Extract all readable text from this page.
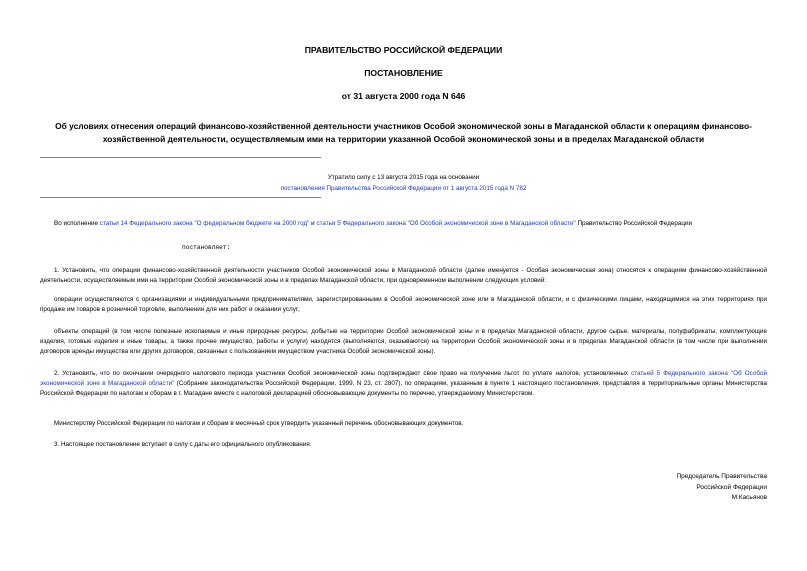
ПРАВИТЕЛЬСТВО РОССИЙСКОЙ ФЕДЕРАЦИИ
ПОСТАНОВЛЕНИЕ
от 31 августа 2000 года N 646
Об условиях отнесения операций финансово-хозяйственной деятельности участников Особой экономической зоны в Магаданской области к операциям финансово-хозяйственной деятельности, осуществляемым ими на территории указанной Особой экономической зоны и в пределах Магаданской области
Утратило силу с 13 августа 2015 года на основании
постановления Правительства Российской Федерации от 1 августа 2015 года N 782
Во исполнение статьи 14 Федерального закона "О федеральном бюджете на 2000 год" и статьи 5 Федерального закона "Об Особой экономической зоне в Магаданской области" Правительство Российской Федерации
постановляет:
1. Установить, что операции финансово-хозяйственной деятельности участников Особой экономической зоны в Магаданской области (далее именуется - Особая экономическая зона) относятся к операциям финансово-хозяйственной деятельности, осуществляемым ими на территории Особой экономической зоны и в пределах Магаданской области, при одновременном выполнении следующих условий:
операции осуществляются с организациями и индивидуальными предпринимателями, зарегистрированными в Особой экономической зоне или в Магаданской области, и с физическими лицами, находящимися на этих территориях при продаже им товаров в розничной торговле, выполнении для них работ и оказании услуг;
объекты операций (в том числе полезные ископаемые и иные природные ресурсы, добытые на территории Особой экономической зоны и в пределах Магаданской области, другое сырье, материалы, полуфабрикаты, комплектующие изделия, готовые изделия и иные товары, а также прочее имущество, работы и услуги) находятся (выполняются, оказываются) на территории Особой экономической зоны и в пределах Магаданской области (в том числе при выполнении договоров аренды имущества или других договоров, связанных с пользованием имуществом участника Особой экономической зоны).
2. Установить, что по окончании очередного налогового периода участники Особой экономической зоны подтверждают свое право на получение льгот по уплате налогов, установленных статьей 5 Федерального закона "Об Особой экономической зоне в Магаданской области" (Собрание законодательства Российской Федерации, 1999, N 23, ст. 2807), по операциям, указанным в пункте 1 настоящего постановления, представляя в территориальные органы Министерства Российской Федерации по налогам и сборам в г. Магадане вместе с налоговой декларацией обосновывающие документы по перечню, утверждаемому Министерством.
Министерству Российской Федерации по налогам и сборам в месячный срок утвердить указанный перечень обосновывающих документов.
3. Настоящее постановление вступает в силу с даты его официального опубликования.
Председатель Правительства
Российской Федерации
М.Касьянов
